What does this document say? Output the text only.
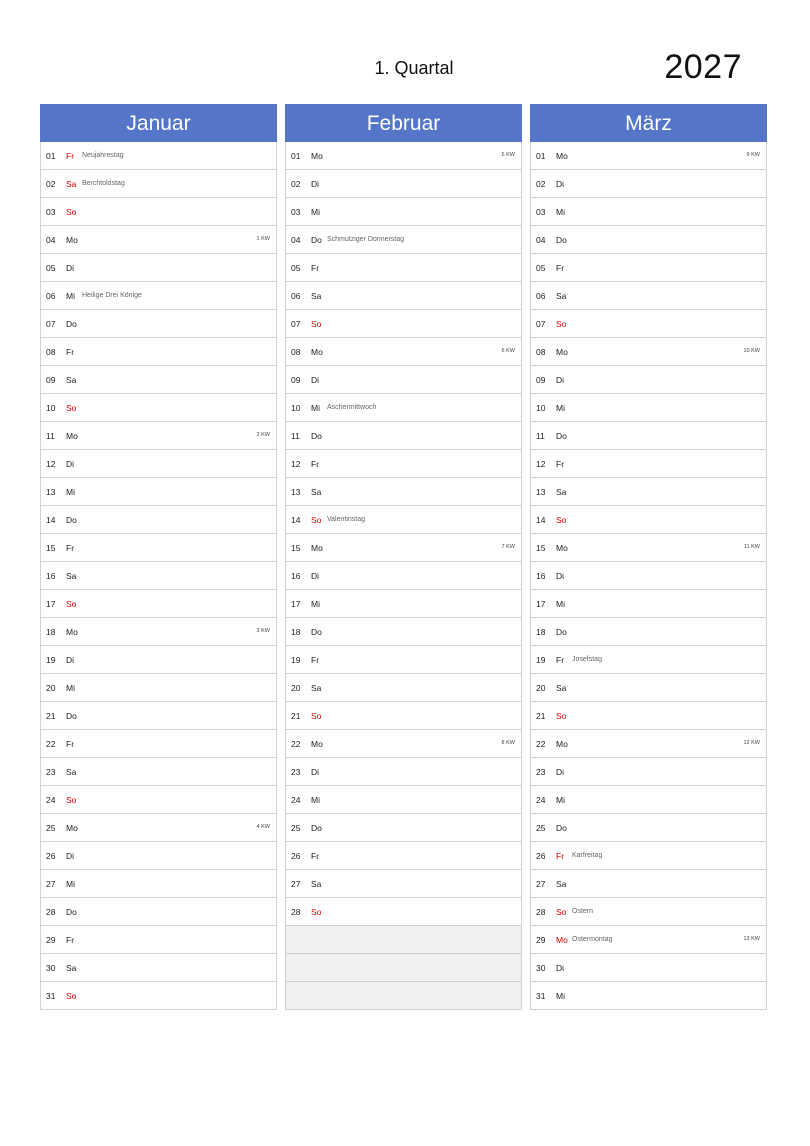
1. Quartal	2027
Januar
01 Fr Neujahrestag
02 Sa Berchtoldstag
03 So
04 Mo	1 KW
05 Di
06 Mi Heilige Drei Könige
07 Do
08 Fr
09 Sa
10 So
11 Mo	2 KW
12 Di
13 Mi
14 Do
15 Fr
16 Sa
17 So
18 Mo	3 KW
19 Di
20 Mi
21 Do
22 Fr
23 Sa
24 So
25 Mo	4 KW
26 Di
27 Mi
28 Do
29 Fr
30 Sa
31 So
Februar
01 Mo	5 KW
02 Di
03 Mi
04 Do Schmutziger Donnerstag
05 Fr
06 Sa
07 So
08 Mo	6 KW
09 Di
10 Mi Aschermittwoch
11 Do
12 Fr
13 Sa
14 So Valentinstag
15 Mo	7 KW
16 Di
17 Mi
18 Do
19 Fr
20 Sa
21 So
22 Mo	8 KW
23 Di
24 Mi
25 Do
26 Fr
27 Sa
28 So
März
01 Mo	9 KW
02 Di
03 Mi
04 Do
05 Fr
06 Sa
07 So
08 Mo	10 KW
09 Di
10 Mi
11 Do
12 Fr
13 Sa
14 So
15 Mo	11 KW
16 Di
17 Mi
18 Do
19 Fr Josefstag
20 Sa
21 So
22 Mo	12 KW
23 Di
24 Mi
25 Do
26 Fr Karfreitag
27 Sa
28 So Ostern
29 Mo Ostermontag	13 KW
30 Di
31 Mi
